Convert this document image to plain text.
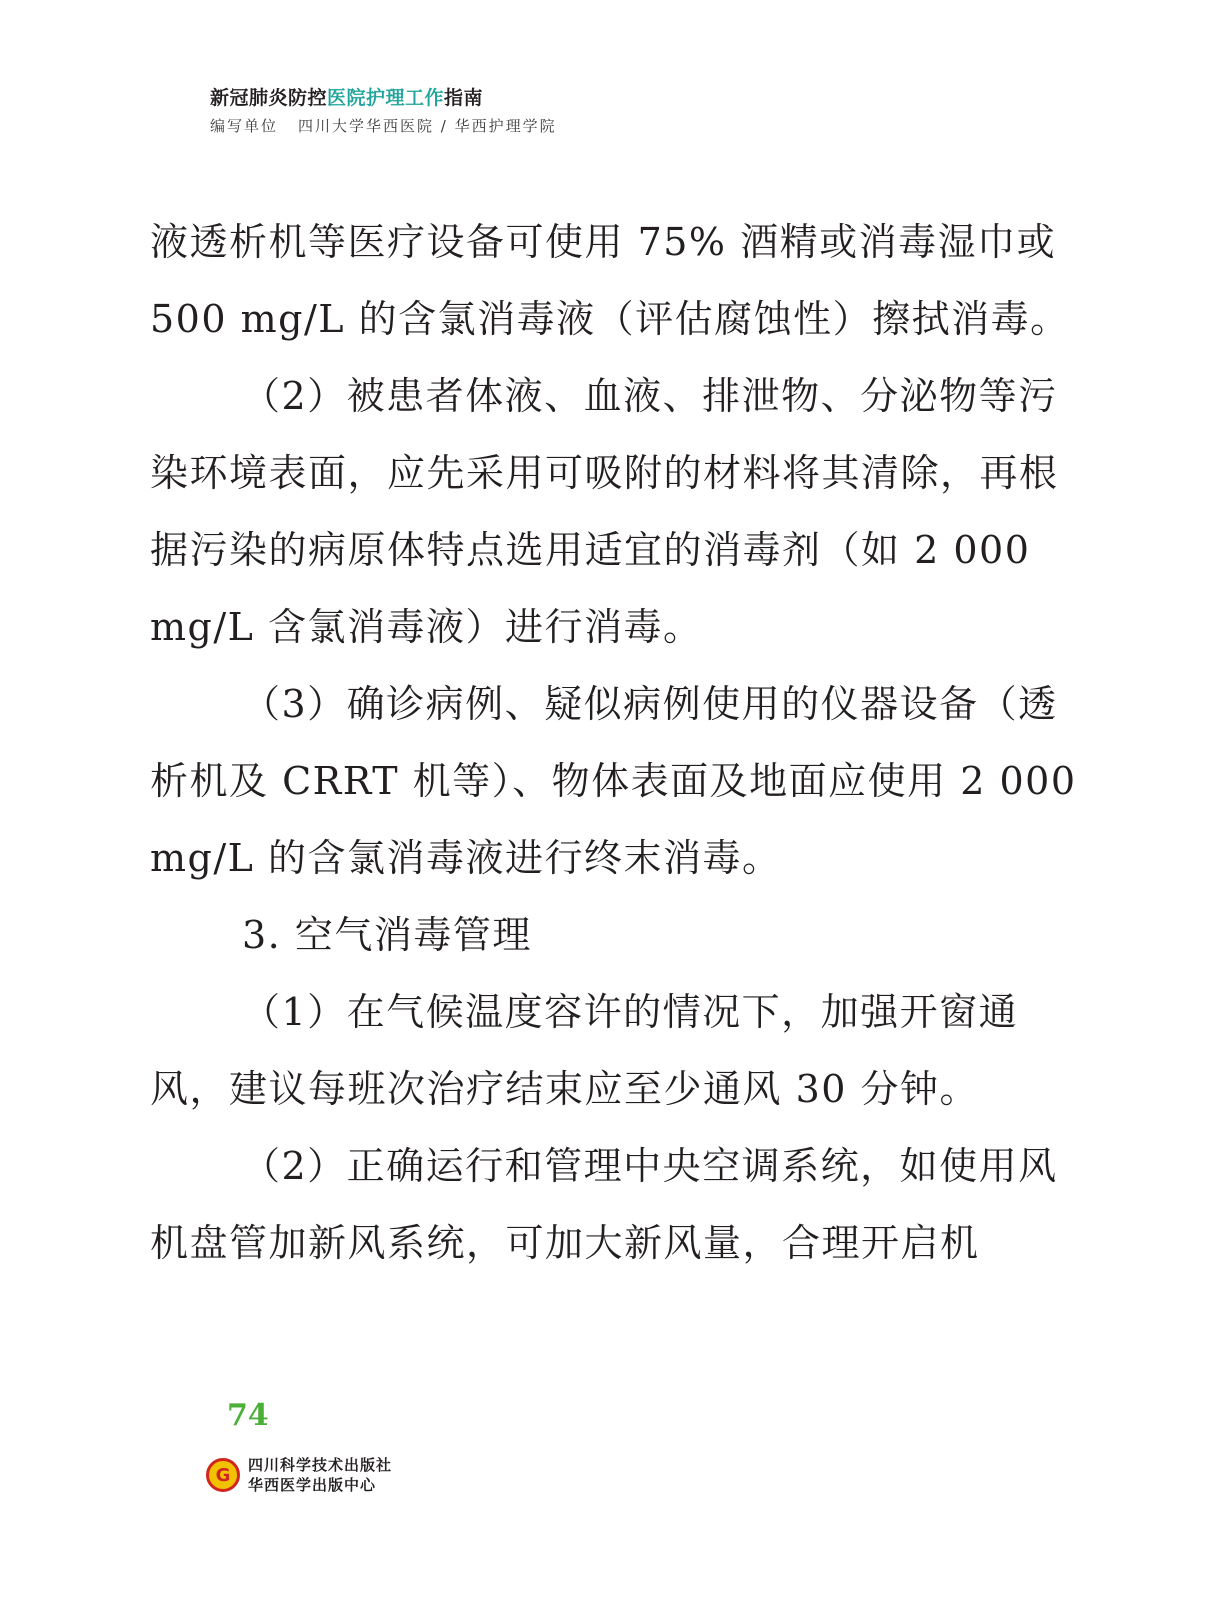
新冠肺炎防控医院护理工作指南
编写单位 四川大学华西医院 / 华西护理学院

液透析机等医疗设备可使用 75% 酒精或消毒湿巾或 500 mg/L 的含氯消毒液（评估腐蚀性）擦拭消毒。

（2）被患者体液、血液、排泄物、分泌物等污染环境表面，应先采用可吸附的材料将其清除，再根据污染的病原体特点选用适宜的消毒剂（如 2 000 mg/L 含氯消毒液）进行消毒。

（3）确诊病例、疑似病例使用的仪器设备（透析机及 CRRT 机等）、物体表面及地面应使用 2 000 mg/L 的含氯消毒液进行终末消毒。

3. 空气消毒管理

（1）在气候温度容许的情况下，加强开窗通风，建议每班次治疗结束应至少通风 30 分钟。

（2）正确运行和管理中央空调系统，如使用风机盘管加新风系统，可加大新风量，合理开启机

74
G 四川科学技术出版社
华西医学出版中心
